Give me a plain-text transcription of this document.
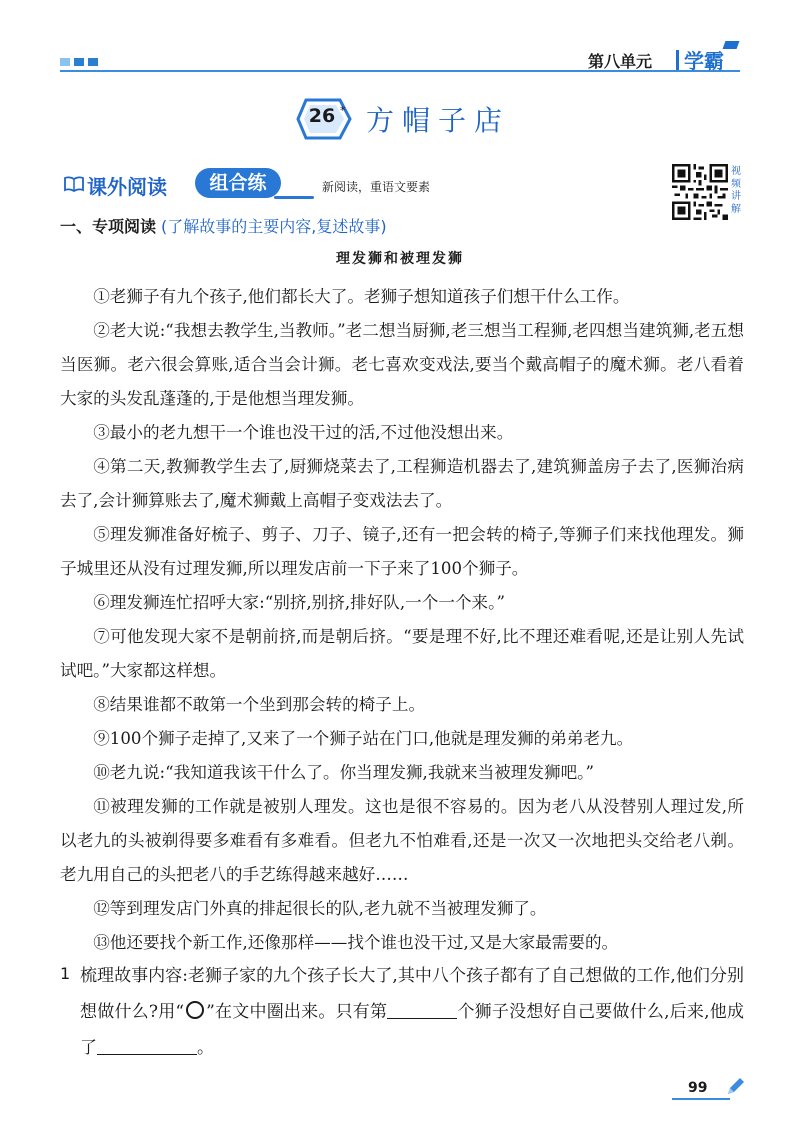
第八单元 学霸
26 * 方帽子店
课外阅读	组合练	新阅读，重语文要素
视频讲解
一、专项阅读 (了解故事的主要内容,复述故事)
理发狮和被理发狮

①老狮子有九个孩子,他们都长大了。老狮子想知道孩子们想干什么工作。

②老大说:“我想去教学生,当教师。”老二想当厨狮,老三想当工程狮,老四想当建筑狮,老五想当医狮。老六很会算账,适合当会计狮。老七喜欢变戏法,要当个戴高帽子的魔术狮。老八看着大家的头发乱蓬蓬的,于是他想当理发狮。

③最小的老九想干一个谁也没干过的活,不过他没想出来。

④第二天,教狮教学生去了,厨狮烧菜去了,工程狮造机器去了,建筑狮盖房子去了,医狮治病去了,会计狮算账去了,魔术狮戴上高帽子变戏法去了。

⑤理发狮准备好梳子、剪子、刀子、镜子,还有一把会转的椅子,等狮子们来找他理发。狮子城里还从没有过理发狮,所以理发店前一下子来了100个狮子。

⑥理发狮连忙招呼大家:“别挤,别挤,排好队,一个一个来。”

⑦可他发现大家不是朝前挤,而是朝后挤。“要是理不好,比不理还难看呢,还是让别人先试试吧。”大家都这样想。

⑧结果谁都不敢第一个坐到那会转的椅子上。

⑨100个狮子走掉了,又来了一个狮子站在门口,他就是理发狮的弟弟老九。

⑩老九说:“我知道我该干什么了。你当理发狮,我就来当被理发狮吧。”

⑪被理发狮的工作就是被别人理发。这也是很不容易的。因为老八从没替别人理过发,所以老九的头被剃得要多难看有多难看。但老九不怕难看,还是一次又一次地把头交给老八剃。老九用自己的头把老八的手艺练得越来越好……

⑫等到理发店门外真的排起很长的队,老九就不当被理发狮了。

⑬他还要找个新工作,还像那样——找个谁也没干过,又是大家最需要的。

1 梳理故事内容:老狮子家的九个孩子长大了,其中八个孩子都有了自己想做的工作,他们分别想做什么?用“ ”在文中圈出来。只有第	个狮子没想好自己要做什么,后来,他成了	。
99
